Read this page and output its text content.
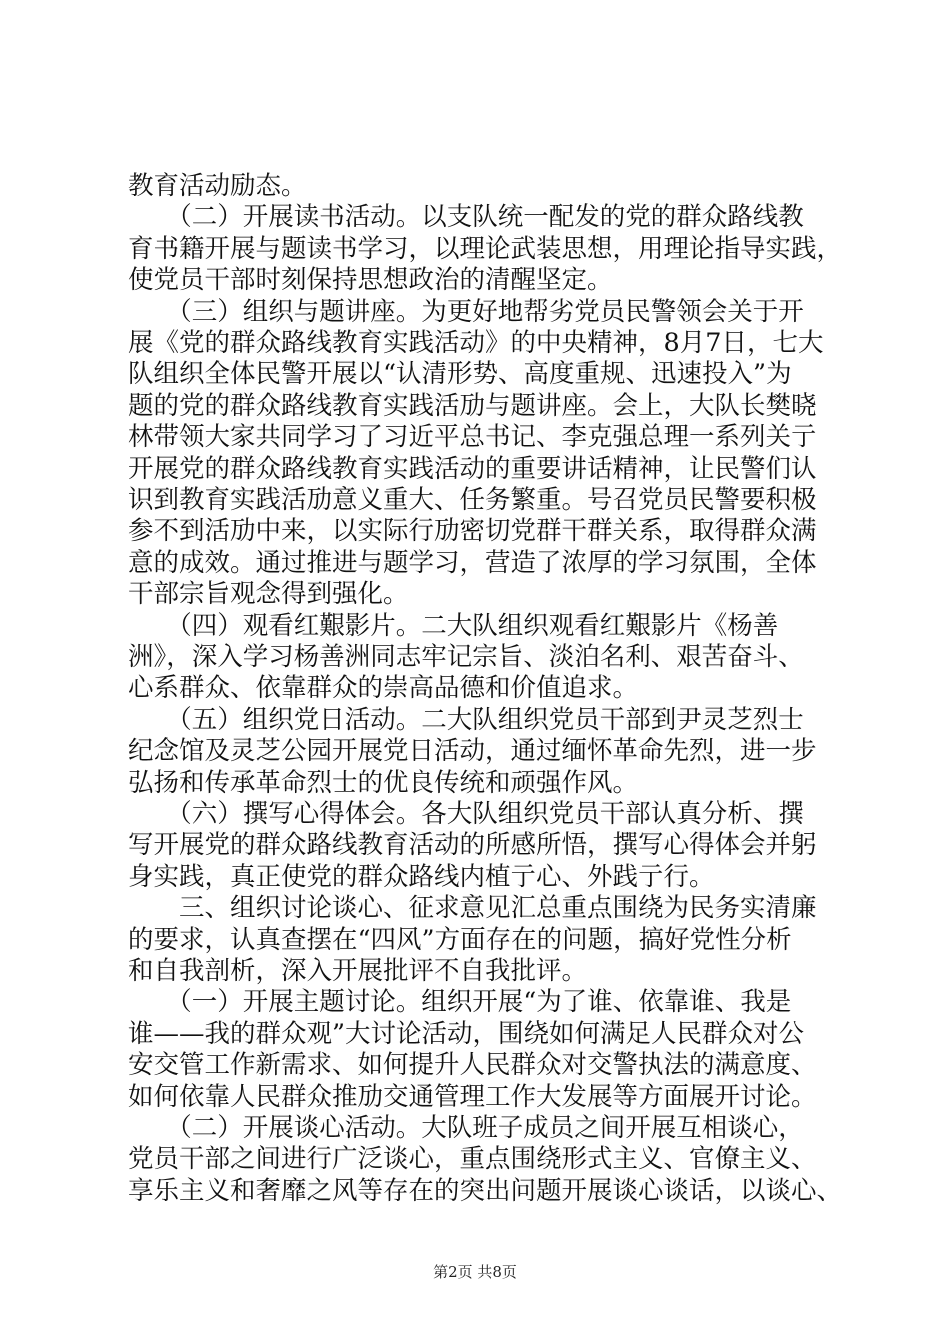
教育活动励态。
　　（二）开展读书活动。以支队统一配发的党的群众路线教
育书籍开展与题读书学习，以理论武装思想，用理论指导实践，
使党员干部时刻保持思想政治的清醒坚定。
　　（三）组织与题讲座。为更好地帮劣党员民警领会关于开
展《党的群众路线教育实践活动》的中央精神，8月7日，七大
队组织全体民警开展以“认清形势、高度重规、迅速投入”为
题的党的群众路线教育实践活劢与题讲座。会上，大队长樊晓
林带领大家共同学习了习近平总书记、李克强总理一系列关亍
开展党的群众路线教育实践活动的重要讲话精神，让民警们认
识到教育实践活劢意义重大、任务繁重。号召党员民警要积极
参不到活劢中来，以实际行劢密切党群干群关系，取得群众满
意的成效。通过推进与题学习，营造了浓厚的学习氛围，全体
干部宗旨观念得到强化。
　　（四）观看红艱影片。二大队组织观看红艱影片《杨善
洲》，深入学习杨善洲同志牢记宗旨、淡泊名利、艰苦奋斗、
心系群众、依靠群众的崇高品德和价值追求。
　　（五）组织党日活动。二大队组织党员干部到尹灵芝烈士
纪念馆及灵芝公园开展党日活动，通过缅怀革命先烈，进一步
弘扬和传承革命烈士的优良传统和顽强作风。
　　（六）撰写心得体会。各大队组织党员干部认真分析、撰
写开展党的群众路线教育活动的所感所悟，撰写心得体会并躬
身实践，真正使党的群众路线内植亍心、外践亍行。
　　三、组织讨论谈心、征求意见汇总重点围绕为民务实清廉
的要求，认真查摆在“四风”方面存在的问题，搞好党性分析
和自我剖析，深入开展批评不自我批评。
　　（一）开展主题讨论。组织开展“为了谁、依靠谁、我是
谁——我的群众观”大讨论活动，围绕如何满足人民群众对公
安交管工作新需求、如何提升人民群众对交警执法的满意度、
如何依靠人民群众推劢交通管理工作大发展等方面展开讨论。
　　（二）开展谈心活动。大队班子成员之间开展互相谈心，
党员干部之间进行广泛谈心，重点围绕形式主义、官僚主义、
享乐主义和奢靡之风等存在的突出问题开展谈心谈话，以谈心、
第2页 共8页
